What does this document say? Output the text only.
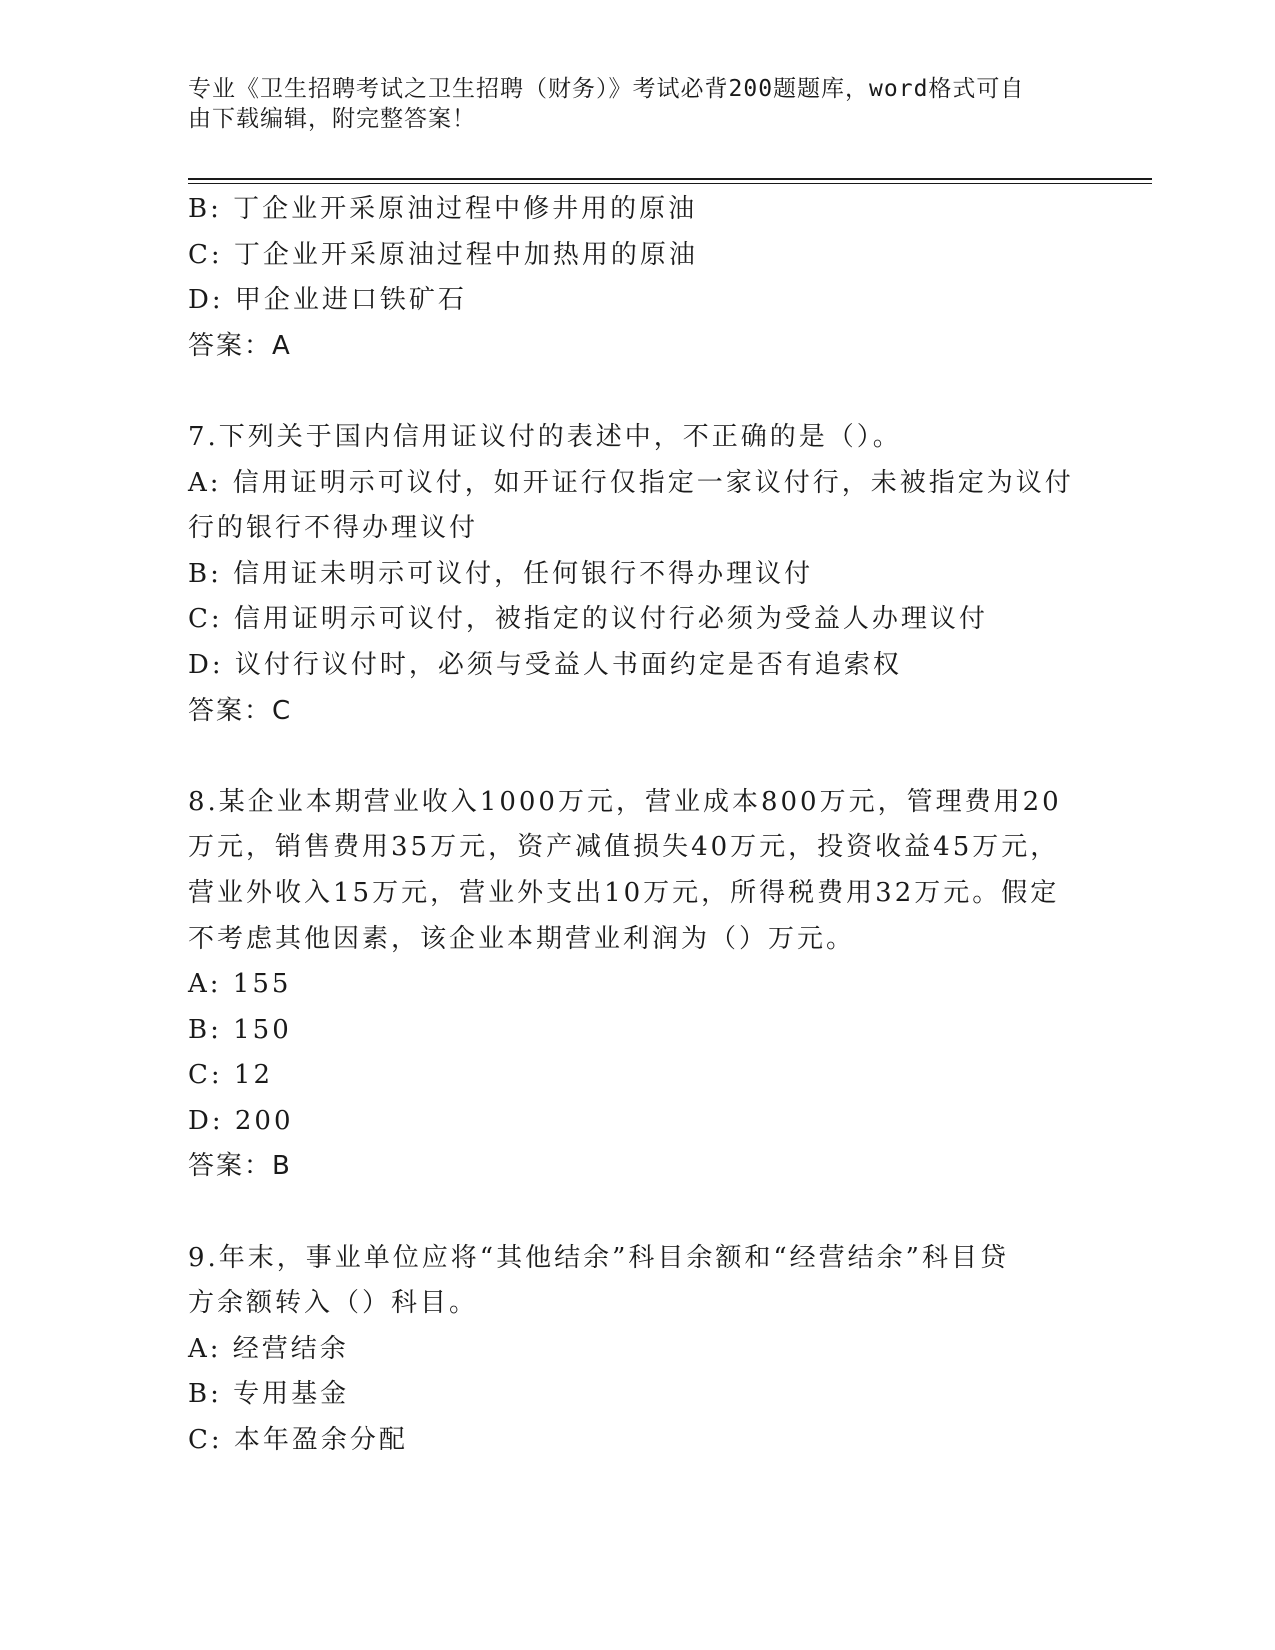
专业《卫生招聘考试之卫生招聘（财务）》考试必背200题题库，word格式可自
由下载编辑，附完整答案！
B: 丁企业开采原油过程中修井用的原油
C: 丁企业开采原油过程中加热用的原油
D: 甲企业进口铁矿石
答案：A
7.下列关于国内信用证议付的表述中，不正确的是（）。
A: 信用证明示可议付，如开证行仅指定一家议付行，未被指定为议付
行的银行不得办理议付
B: 信用证未明示可议付，任何银行不得办理议付
C: 信用证明示可议付，被指定的议付行必须为受益人办理议付
D: 议付行议付时，必须与受益人书面约定是否有追索权
答案：C
8.某企业本期营业收入1000万元，营业成本800万元，管理费用20
万元，销售费用35万元，资产减值损失40万元，投资收益45万元，
营业外收入15万元，营业外支出10万元，所得税费用32万元。假定
不考虑其他因素，该企业本期营业利润为（）万元。
A: 155
B: 150
C: 12
D: 200
答案：B
9.年末，事业单位应将“其他结余”科目余额和“经营结余”科目贷
方余额转入（）科目。
A: 经营结余
B: 专用基金
C: 本年盈余分配
